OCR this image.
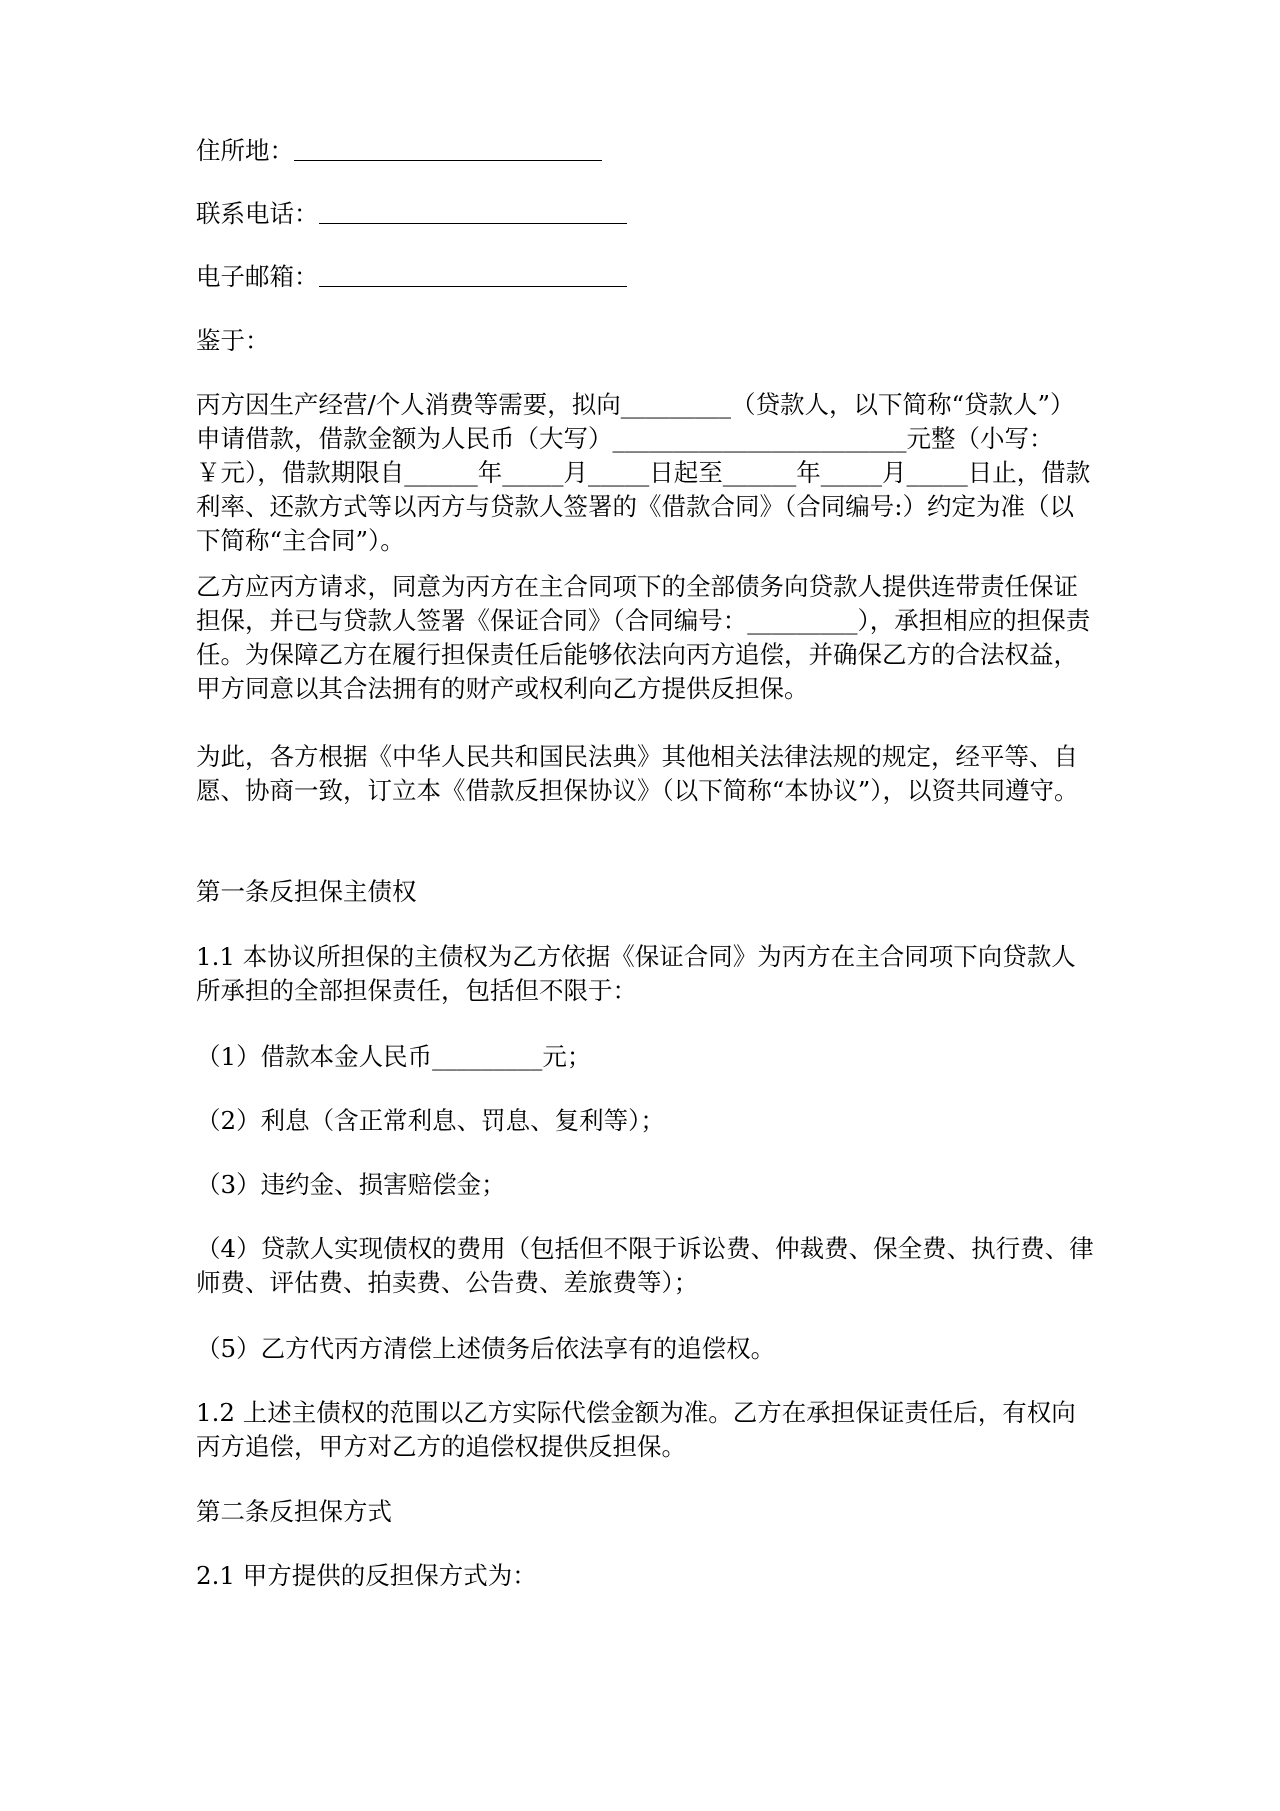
住所地：

联系电话：

电子邮箱：

鉴于：

丙方因生产经营/个人消费等需要，拟向_________（贷款人，以下简称“贷款人”）申请借款，借款金额为人民币（大写）________________________元整（小写：￥元），借款期限自______年_____月_____日起至______年_____月_____日止，借款利率、还款方式等以丙方与贷款人签署的《借款合同》（合同编号:）约定为准（以下简称“主合同”）。

乙方应丙方请求，同意为丙方在主合同项下的全部债务向贷款人提供连带责任保证担保，并已与贷款人签署《保证合同》（合同编号：_________），承担相应的担保责任。为保障乙方在履行担保责任后能够依法向丙方追偿，并确保乙方的合法权益，甲方同意以其合法拥有的财产或权利向乙方提供反担保。

为此，各方根据《中华人民共和国民法典》其他相关法律法规的规定，经平等、自愿、协商一致，订立本《借款反担保协议》（以下简称“本协议”），以资共同遵守。

第一条反担保主债权

1.1 本协议所担保的主债权为乙方依据《保证合同》为丙方在主合同项下向贷款人所承担的全部担保责任，包括但不限于：

（1）借款本金人民币_________元；

（2）利息（含正常利息、罚息、复利等）；

（3）违约金、损害赔偿金；

（4）贷款人实现债权的费用（包括但不限于诉讼费、仲裁费、保全费、执行费、律师费、评估费、拍卖费、公告费、差旅费等）；

（5）乙方代丙方清偿上述债务后依法享有的追偿权。

1.2 上述主债权的范围以乙方实际代偿金额为准。乙方在承担保证责任后，有权向丙方追偿，甲方对乙方的追偿权提供反担保。

第二条反担保方式

2.1 甲方提供的反担保方式为：
